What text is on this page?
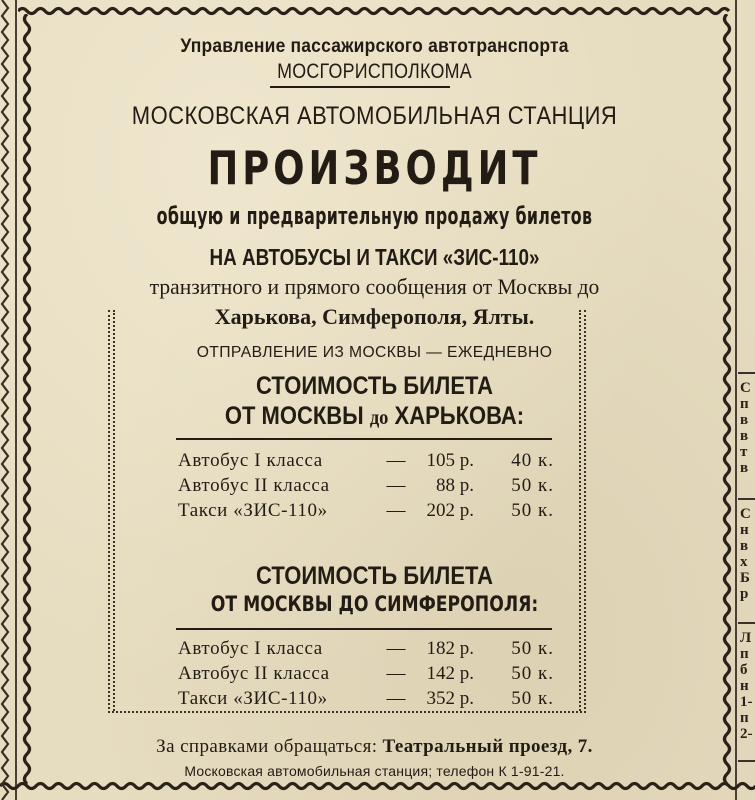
Управление пассажирского автотранспорта
МОСГОРИСПОЛКОМА
МОСКОВСКАЯ АВТОМОБИЛЬНАЯ СТАНЦИЯ
ПРОИЗВОДИТ
общую и предварительную продажу билетов
НА АВТОБУСЫ И ТАКСИ «ЗИС-110»
транзитного и прямого сообщения от Москвы до
Харькова, Симферополя, Ялты.
ОТПРАВЛЕНИЕ ИЗ МОСКВЫ — ЕЖЕДНЕВНО
СТОИМОСТЬ БИЛЕТА
ОТ МОСКВЫ до ХАРЬКОВА:
Автобус I класса	—	105 р.	40 к.
Автобус II класса	—	88 р.	50 к.
Такси «ЗИС-110»	—	202 р.	50 к.
СТОИМОСТЬ БИЛЕТА
ОТ МОСКВЫ ДО СИМФЕРОПОЛЯ:
Автобус I класса	—	182 р.	50 к.
Автобус II класса	—	142 р.	50 к.
Такси «ЗИС-110»	—	352 р.	50 к.
За справками обращаться: Театральный проезд, 7.
Московская автомобильная станция; телефон К 1-91-21.
С
п
в
в
т
в
С
н
в
х
Б
р
Л
п
б
н
1-
п
2-
